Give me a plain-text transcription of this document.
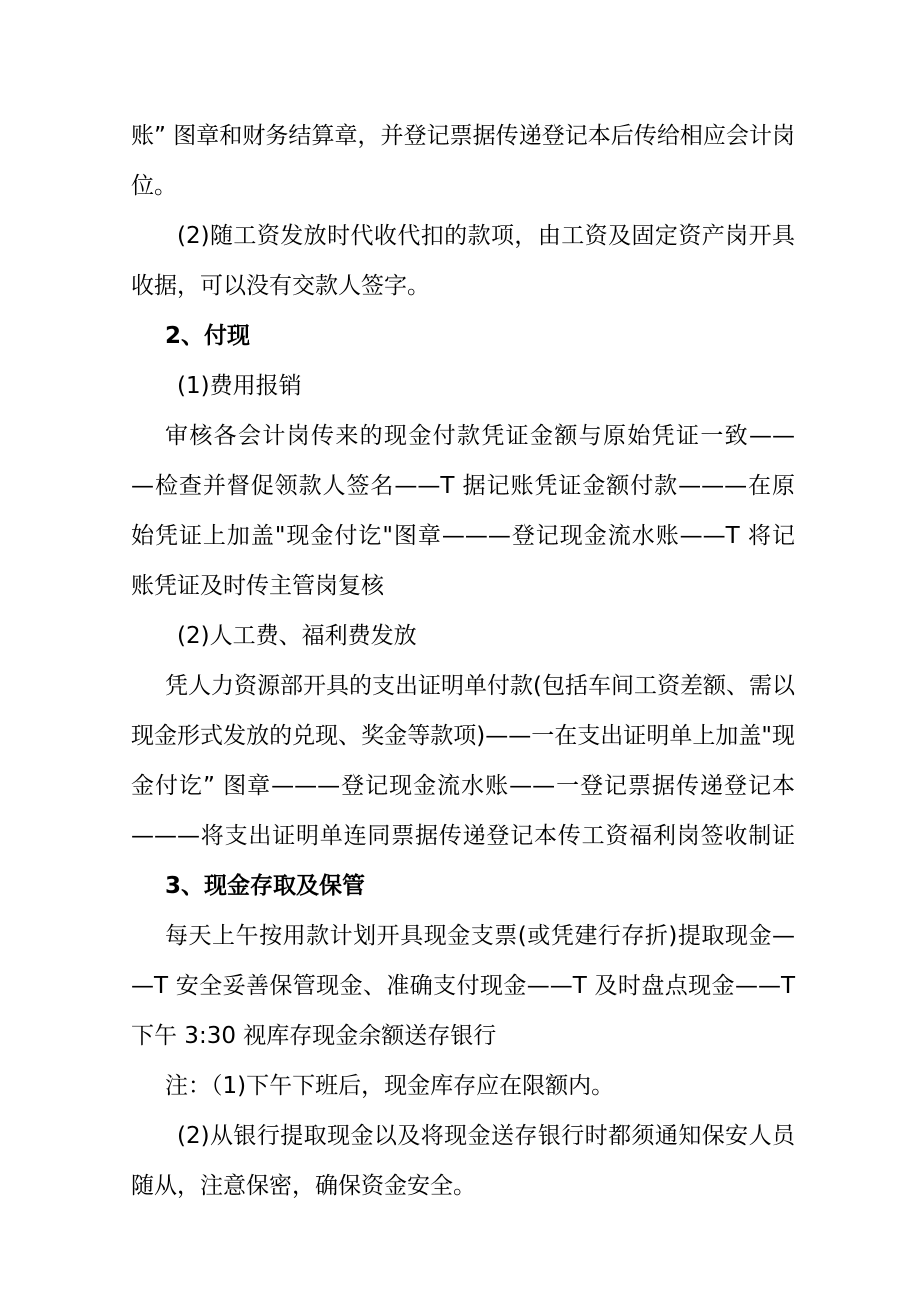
账” 图章和财务结算章，并登记票据传递登记本后传给相应会计岗
位。
(2)随工资发放时代收代扣的款项，由工资及固定资产岗开具
收据，可以没有交款人签字。
2、付现
(1)费用报销
审核各会计岗传来的现金付款凭证金额与原始凭证一致——
—检查并督促领款人签名——T 据记账凭证金额付款———在原
始凭证上加盖"现金付讫"图章———登记现金流水账——T 将记
账凭证及时传主管岗复核
(2)人工费、福利费发放
凭人力资源部开具的支出证明单付款(包括车间工资差额、需以
现金形式发放的兑现、奖金等款项)——一在支出证明单上加盖"现
金付讫” 图章———登记现金流水账——一登记票据传递登记本
———将支出证明单连同票据传递登记本传工资福利岗签收制证
3、现金存取及保管
每天上午按用款计划开具现金支票(或凭建行存折)提取现金—
—T 安全妥善保管现金、准确支付现金——T 及时盘点现金——T
下午 3:30 视库存现金余额送存银行
注：（1)下午下班后，现金库存应在限额内。
(2)从银行提取现金以及将现金送存银行时都须通知保安人员
随从，注意保密，确保资金安全。
